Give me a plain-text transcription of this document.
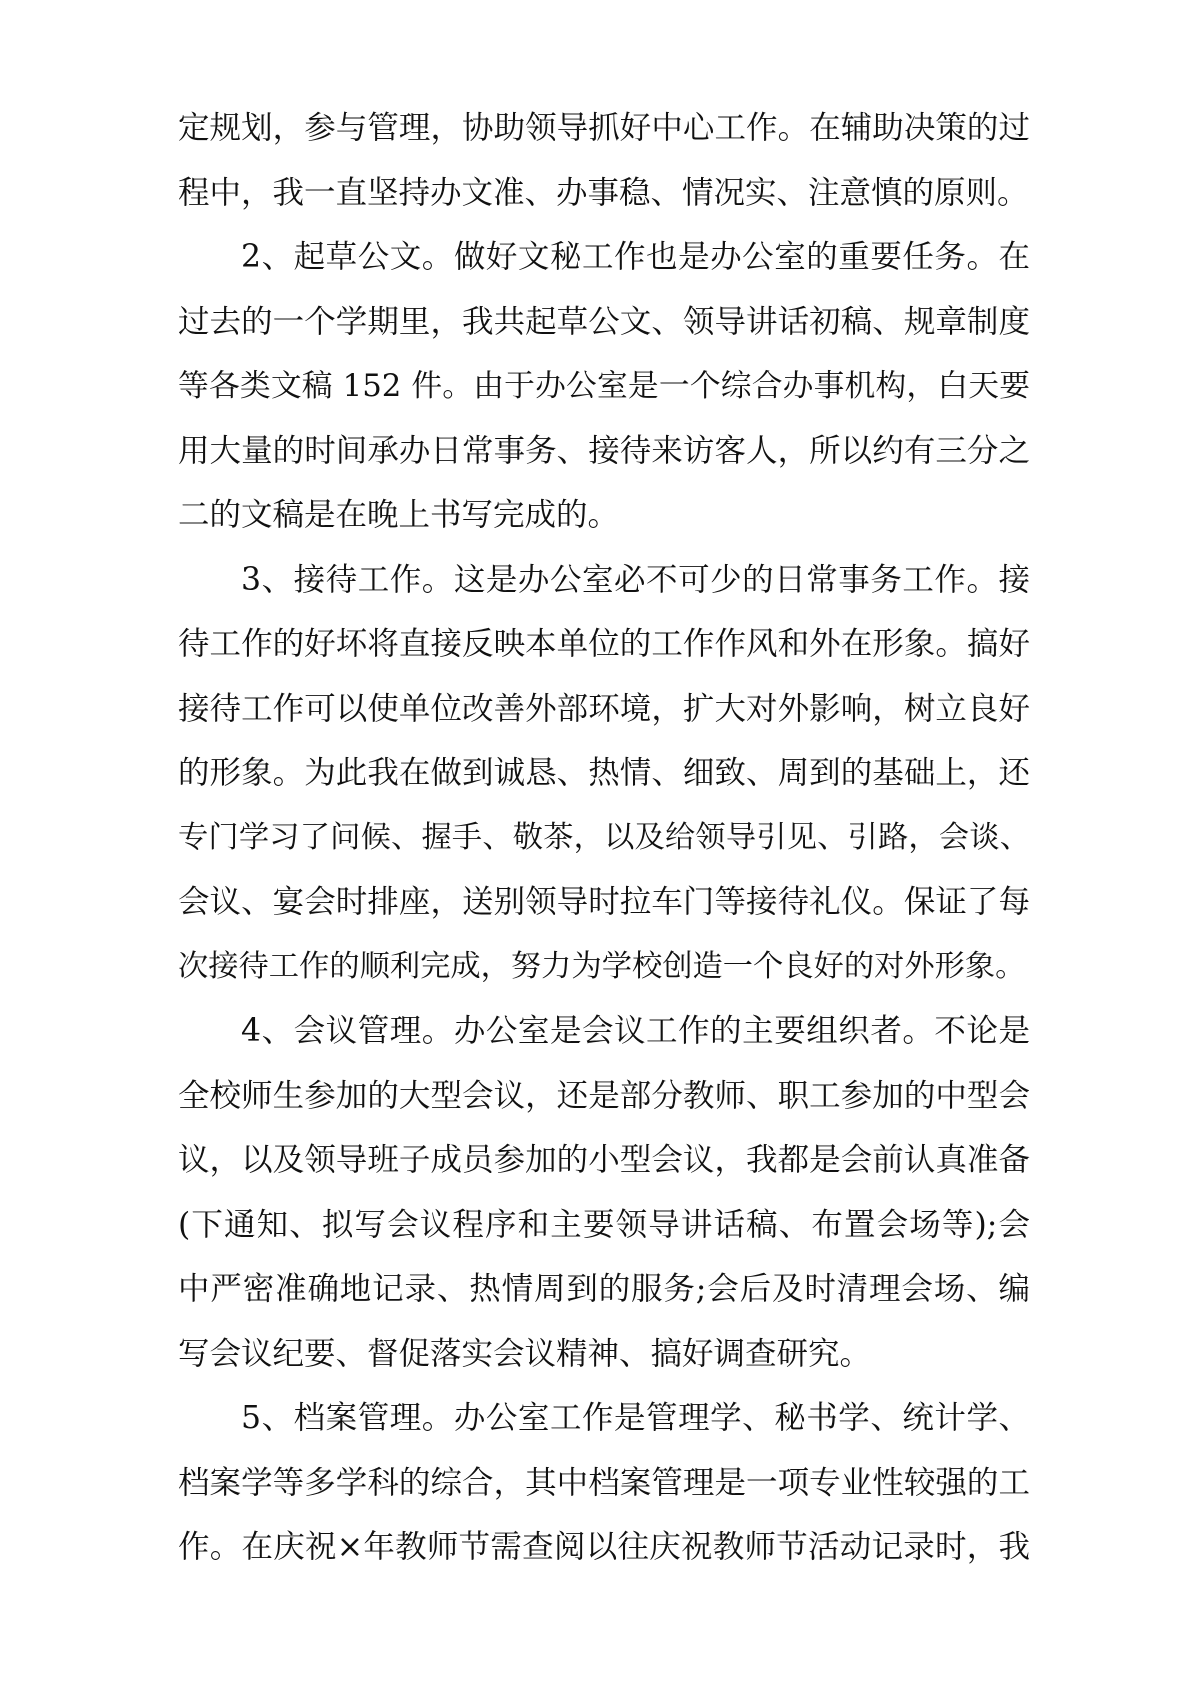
定规划，参与管理，协助领导抓好中心工作。在辅助决策的过
程中，我一直坚持办文准、办事稳、情况实、注意慎的原则。
2、起草公文。做好文秘工作也是办公室的重要任务。在
过去的一个学期里，我共起草公文、领导讲话初稿、规章制度
等各类文稿 152 件。由于办公室是一个综合办事机构，白天要
用大量的时间承办日常事务、接待来访客人，所以约有三分之
二的文稿是在晚上书写完成的。
3、接待工作。这是办公室必不可少的日常事务工作。接
待工作的好坏将直接反映本单位的工作作风和外在形象。搞好
接待工作可以使单位改善外部环境，扩大对外影响，树立良好
的形象。为此我在做到诚恳、热情、细致、周到的基础上，还
专门学习了问候、握手、敬茶，以及给领导引见、引路，会谈、
会议、宴会时排座，送别领导时拉车门等接待礼仪。保证了每
次接待工作的顺利完成，努力为学校创造一个良好的对外形象。
4、会议管理。办公室是会议工作的主要组织者。不论是
全校师生参加的大型会议，还是部分教师、职工参加的中型会
议，以及领导班子成员参加的小型会议，我都是会前认真准备
(下通知、拟写会议程序和主要领导讲话稿、布置会场等);会
中严密准确地记录、热情周到的服务;会后及时清理会场、编
写会议纪要、督促落实会议精神、搞好调查研究。
5、档案管理。办公室工作是管理学、秘书学、统计学、
档案学等多学科的综合，其中档案管理是一项专业性较强的工
作。在庆祝×年教师节需查阅以往庆祝教师节活动记录时，我
